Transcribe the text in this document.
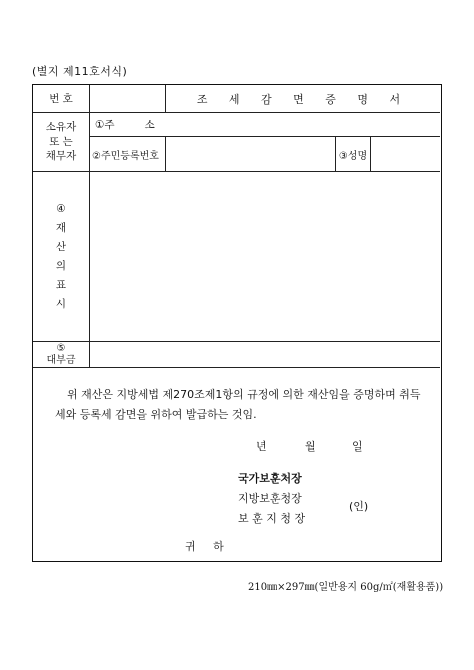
(별지 제11호서식)
번 호	조 세 감 면 증 명 서
소유자
또 는
채무자
①주         소
②주민등록번호	③성명
④
재
산
의
표
시
⑤
대부금
위 재산은 지방세법 제270조제1항의 규정에 의한 재산임을 증명하며 취득
세와 등록세 감면을 위하여 발급하는 것임.
년	월	일
국가보훈처장
지방보훈청장
보 훈 지 청 장
(인)
귀     하
210㎜×297㎜(일반용지 60g/㎡(재활용품))
